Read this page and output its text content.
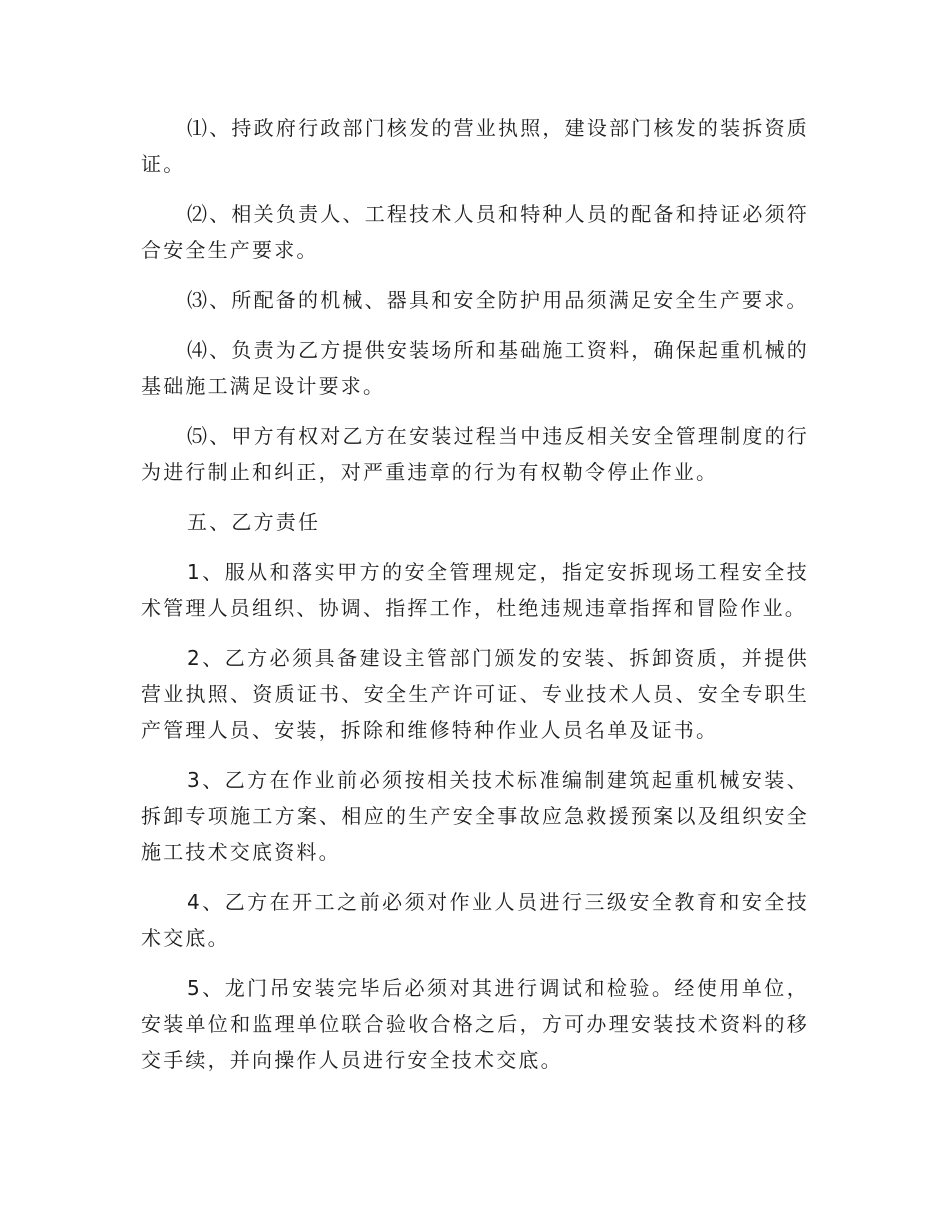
⑴、持政府行政部门核发的营业执照，建设部门核发的装拆资质证。

⑵、相关负责人、工程技术人员和特种人员的配备和持证必须符合安全生产要求。

⑶、所配备的机械、器具和安全防护用品须满足安全生产要求。

⑷、负责为乙方提供安装场所和基础施工资料，确保起重机械的基础施工满足设计要求。

⑸、甲方有权对乙方在安装过程当中违反相关安全管理制度的行为进行制止和纠正，对严重违章的行为有权勒令停止作业。

五、乙方责任

1、服从和落实甲方的安全管理规定，指定安拆现场工程安全技术管理人员组织、协调、指挥工作，杜绝违规违章指挥和冒险作业。

2、乙方必须具备建设主管部门颁发的安装、拆卸资质，并提供营业执照、资质证书、安全生产许可证、专业技术人员、安全专职生产管理人员、安装，拆除和维修特种作业人员名单及证书。

3、乙方在作业前必须按相关技术标准编制建筑起重机械安装、拆卸专项施工方案、相应的生产安全事故应急救援预案以及组织安全施工技术交底资料。

4、乙方在开工之前必须对作业人员进行三级安全教育和安全技术交底。

5、龙门吊安装完毕后必须对其进行调试和检验。经使用单位，安装单位和监理单位联合验收合格之后，方可办理安装技术资料的移交手续，并向操作人员进行安全技术交底。
